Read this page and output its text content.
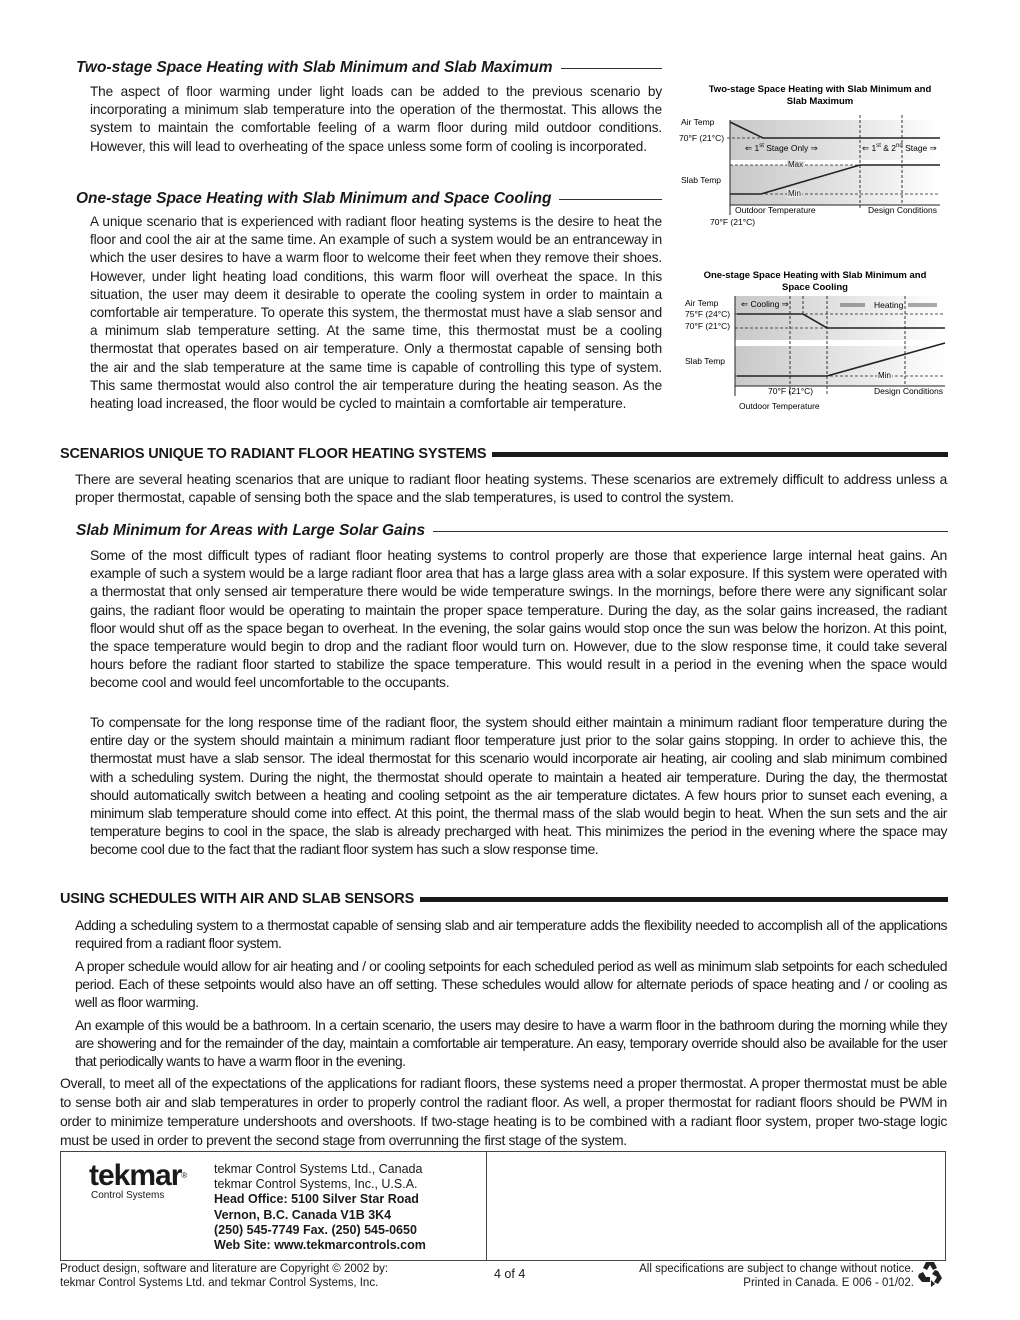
Two-stage Space Heating with Slab Minimum and Slab Maximum

The aspect of floor warming under light loads can be added to the previous scenario by incorporating a minimum slab temperature into the operation of the thermostat. This allows the system to maintain the comfortable feeling of a warm floor during mild outdoor conditions. However, this will lead to overheating of the space unless some form of cooling is incorporated.

One-stage Space Heating with Slab Minimum and Space Cooling

A unique scenario that is experienced with radiant floor heating systems is the desire to heat the floor and cool the air at the same time. An example of such a system would be an entranceway in which the user desires to have a warm floor to welcome their feet when they remove their shoes. However, under light heating load conditions, this warm floor will overheat the space. In this situation, the user may deem it desirable to operate the cooling system in order to maintain a comfortable air temperature. To operate this system, the thermostat must have a slab sensor and a minimum slab temperature setting. At the same time, this thermostat must be a cooling thermostat that operates based on air temperature. Only a thermostat capable of sensing both the air and the slab temperature at the same time is capable of controlling this type of system. This same thermostat would also control the air temperature during the heating season. As the heating load increased, the floor would be cycled to maintain a comfortable air temperature.

Two-stage Space Heating with Slab Minimum and
Slab Maximum
Air Temp
70°F (21°C)
⇐ 1st Stage Only ⇒	⇐ 1st & 2nd Stage ⇒
Max
Slab Temp
Min
Outdoor Temperature	Design Conditions
70°F (21°C)
One-stage Space Heating with Slab Minimum and
Space Cooling
Air Temp
75°F (24°C)
70°F (21°C)
⇐ Cooling ⇒	Heating
Slab Temp
Min
70°F (21°C)	Design Conditions
Outdoor Temperature
SCENARIOS UNIQUE TO RADIANT FLOOR HEATING SYSTEMS

There are several heating scenarios that are unique to radiant floor heating systems. These scenarios are extremely difficult to address unless a proper thermostat, capable of sensing both the space and the slab temperatures, is used to control the system.

Slab Minimum for Areas with Large Solar Gains

Some of the most difficult types of radiant floor heating systems to control properly are those that experience large internal heat gains. An example of such a system would be a large radiant floor area that has a large glass area with a solar exposure. If this system were operated with a thermostat that only sensed air temperature there would be wide temperature swings. In the mornings, before there were any significant solar gains, the radiant floor would be operating to maintain the proper space temperature. During the day, as the solar gains increased, the radiant floor would shut off as the space began to overheat. In the evening, the solar gains would stop once the sun was below the horizon. At this point, the space temperature would begin to drop and the radiant floor would turn on. However, due to the slow response time, it could take several hours before the radiant floor started to stabilize the space temperature. This would result in a period in the evening when the space would become cool and would feel uncomfortable to the occupants.

To compensate for the long response time of the radiant floor, the system should either maintain a minimum radiant floor temperature during the entire day or the system should maintain a minimum radiant floor temperature just prior to the solar gains stopping. In order to achieve this, the thermostat must have a slab sensor. The ideal thermostat for this scenario would incorporate air heating, air cooling and slab minimum combined with a scheduling system. During the night, the thermostat should operate to maintain a heated air temperature. During the day, the thermostat should automatically switch between a heating and cooling setpoint as the air temperature dictates. A few hours prior to sunset each evening, a minimum slab temperature should come into effect. At this point, the thermal mass of the slab would begin to heat. When the sun sets and the air temperature begins to cool in the space, the slab is already precharged with heat. This minimizes the period in the evening where the space may become cool due to the fact that the radiant floor system has such a slow response time.

USING SCHEDULES WITH AIR AND SLAB SENSORS

Adding a scheduling system to a thermostat capable of sensing slab and air temperature adds the flexibility needed to accomplish all of the applications required from a radiant floor system.

A proper schedule would allow for air heating and / or cooling setpoints for each scheduled period as well as minimum slab setpoints for each scheduled period. Each of these setpoints would also have an off setting. These schedules would allow for alternate periods of space heating and / or cooling as well as floor warming.

An example of this would be a bathroom. In a certain scenario, the users may desire to have a warm floor in the bathroom during the morning while they are showering and for the remainder of the day, maintain a comfortable air temperature. An easy, temporary override should also be available for the user that periodically wants to have a warm floor in the evening.

Overall, to meet all of the expectations of the applications for radiant floors, these systems need a proper thermostat. A proper thermostat must be able to sense both air and slab temperatures in order to properly control the radiant floor. As well, a proper thermostat for radiant floors should be PWM in order to minimize temperature undershoots and overshoots. If two-stage heating is to be combined with a radiant floor system, proper two-stage logic must be used in order to prevent the second stage from overrunning the first stage of the system.

tekmar®
Control Systems
tekmar Control Systems Ltd., Canada
tekmar Control Systems, Inc., U.S.A.
Head Office: 5100 Silver Star Road
Vernon, B.C. Canada V1B 3K4
(250) 545-7749 Fax. (250) 545-0650
Web Site: www.tekmarcontrols.com
Product design, software and literature are Copyright © 2002 by:
tekmar Control Systems Ltd. and tekmar Control Systems, Inc.
4 of 4	All specifications are subject to change without notice.
Printed in Canada. E 006 - 01/02.
